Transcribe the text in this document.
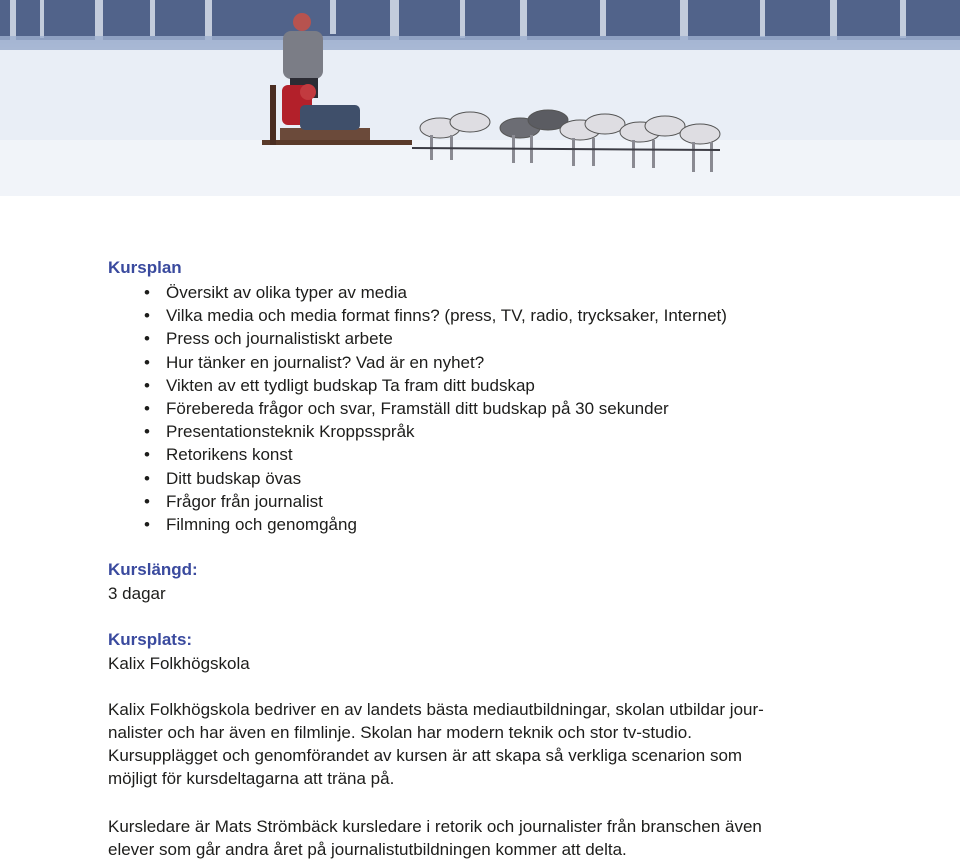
Kursplan
• Översikt av olika typer av media
• Vilka media och media format finns? (press, TV, radio, trycksaker, Internet)
• Press och journalistiskt arbete
• Hur tänker en journalist? Vad är en nyhet?
• Vikten av ett tydligt budskap Ta fram ditt budskap
• Förebereda frågor och svar, Framställ ditt budskap på 30 sekunder
• Presentationsteknik Kroppsspråk
• Retorikens konst
• Ditt budskap övas
• Frågor från journalist
• Filmning och genomgång
Kurslängd:

3 dagar

Kursplats:

Kalix Folkhögskola

Kalix Folkhögskola bedriver en av landets bästa mediautbildningar, skolan utbildar jour-
nalister och har även en filmlinje. Skolan har modern teknik och stor tv-studio.
Kursupplägget och genomförandet av kursen är att skapa så verkliga scenarion som
möjligt för kursdeltagarna att träna på.
Kursledare är Mats Strömbäck kursledare i retorik och journalister från branschen även
elever som går andra året på journalistutbildningen kommer att delta.
